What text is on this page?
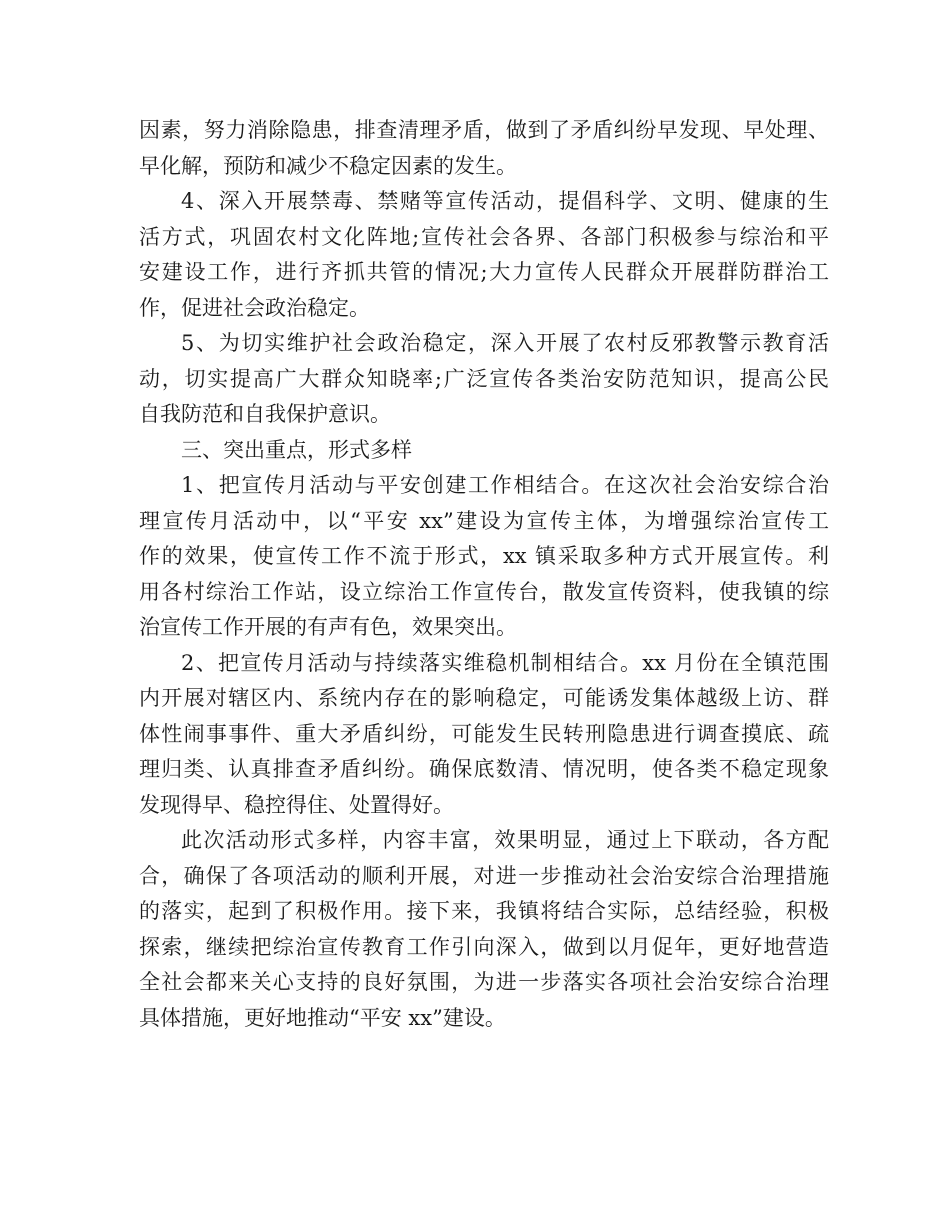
因素，努力消除隐患，排查清理矛盾，做到了矛盾纠纷早发现、早处理、
早化解，预防和减少不稳定因素的发生。
4、深入开展禁毒、禁赌等宣传活动，提倡科学、文明、健康的生
活方式，巩固农村文化阵地;宣传社会各界、各部门积极参与综治和平
安建设工作，进行齐抓共管的情况;大力宣传人民群众开展群防群治工
作，促进社会政治稳定。
5、为切实维护社会政治稳定，深入开展了农村反邪教警示教育活
动，切实提高广大群众知晓率;广泛宣传各类治安防范知识，提高公民
自我防范和自我保护意识。
三、突出重点，形式多样
1、把宣传月活动与平安创建工作相结合。在这次社会治安综合治
理宣传月活动中，以“平安 xx”建设为宣传主体，为增强综治宣传工
作的效果，使宣传工作不流于形式，xx 镇采取多种方式开展宣传。利
用各村综治工作站，设立综治工作宣传台，散发宣传资料，使我镇的综
治宣传工作开展的有声有色，效果突出。
2、把宣传月活动与持续落实维稳机制相结合。xx 月份在全镇范围
内开展对辖区内、系统内存在的影响稳定，可能诱发集体越级上访、群
体性闹事事件、重大矛盾纠纷，可能发生民转刑隐患进行调查摸底、疏
理归类、认真排查矛盾纠纷。确保底数清、情况明，使各类不稳定现象
发现得早、稳控得住、处置得好。
此次活动形式多样，内容丰富，效果明显，通过上下联动，各方配
合，确保了各项活动的顺利开展，对进一步推动社会治安综合治理措施
的落实，起到了积极作用。接下来，我镇将结合实际，总结经验，积极
探索，继续把综治宣传教育工作引向深入，做到以月促年，更好地营造
全社会都来关心支持的良好氛围，为进一步落实各项社会治安综合治理
具体措施，更好地推动“平安 xx”建设。
